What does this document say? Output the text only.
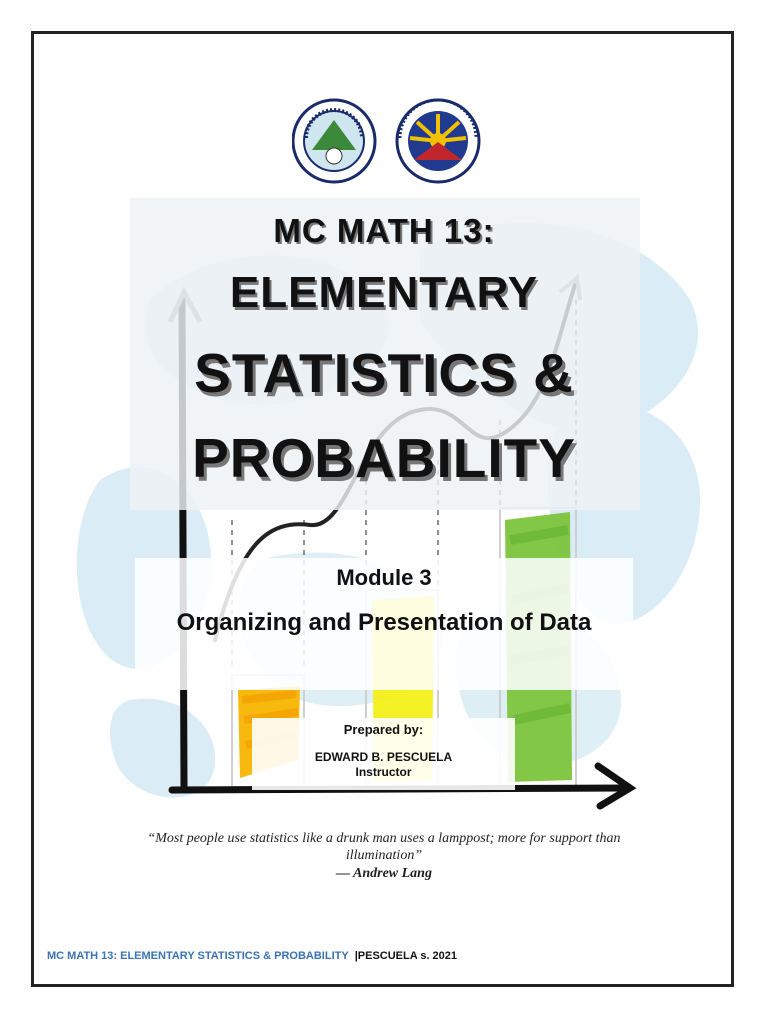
MC MATH 13:
ELEMENTARY
STATISTICS &
PROBABILITY
Module 3
Organizing and Presentation of Data
Prepared by:
EDWARD B. PESCUELA
Instructor
“Most people use statistics like a drunk man uses a lamppost; more for support than illumination”
― Andrew Lang
MC MATH 13: ELEMENTARY STATISTICS & PROBABILITY |PESCUELA s. 2021
